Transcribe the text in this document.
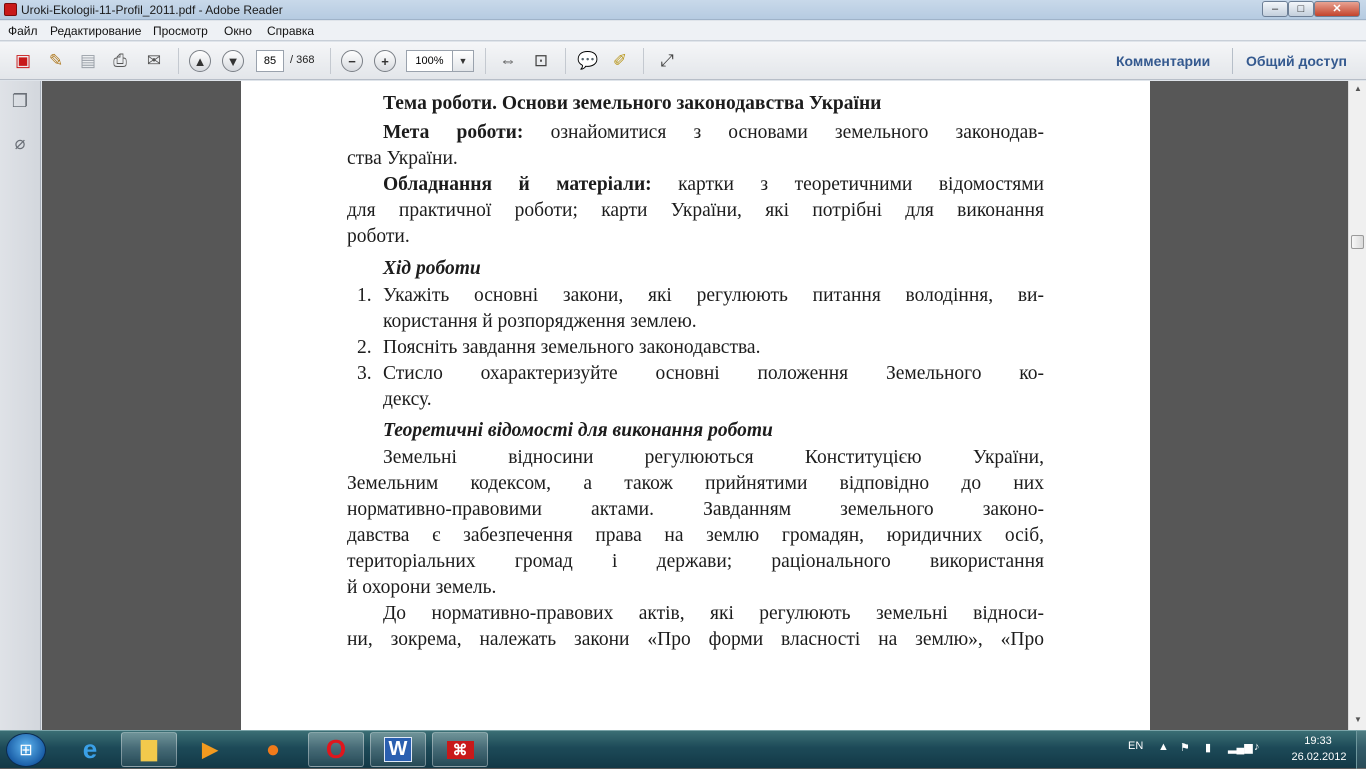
Uroki-Ekologii-11-Profil_2011.pdf - Adobe Reader	‒	□	✕
Файл Редактирование Просмотр Окно Справка
▣	✎ ▤	⎙	✉	▲	▼	85	/ 368	−	+	100%	▼	⇔	⊡	💬 ✐	⤢	Комментарии	Общий доступ
❐
⌀
Тема роботи. Основи земельного законодавства України
Мета роботи: ознайомитися з основами земельного законодав-
ства України.
Обладнання й матеріали: картки з теоретичними відомостями
для практичної роботи; карти України, які потрібні для виконання
роботи.
Хід роботи
1. Укажіть основні закони, які регулюють питання володіння, ви-
користання й розпорядження землею.
2. Поясніть завдання земельного законодавства.
3. Стисло охарактеризуйте основні положення Земельного ко-
дексу.
Теоретичні відомості для виконання роботи
Земельні відносини регулюються Конституцією України,
Земельним кодексом, а також прийнятими відповідно до них
нормативно-правовими актами. Завданням земельного законо-
давства є забезпечення права на землю громадян, юридичних осіб,
територіальних громад і держави; раціонального використання
й охорони земель.
До нормативно-правових актів, які регулюють земельні відноси-
ни, зокрема, належать закони «Про форми власності на землю», «Про
▲
▼
⊞	e	▇	▶	●	O	W	⌘	EN ▲ ⚑ ▮ ▂▄▆ ♪	19:33
26.02.2012
